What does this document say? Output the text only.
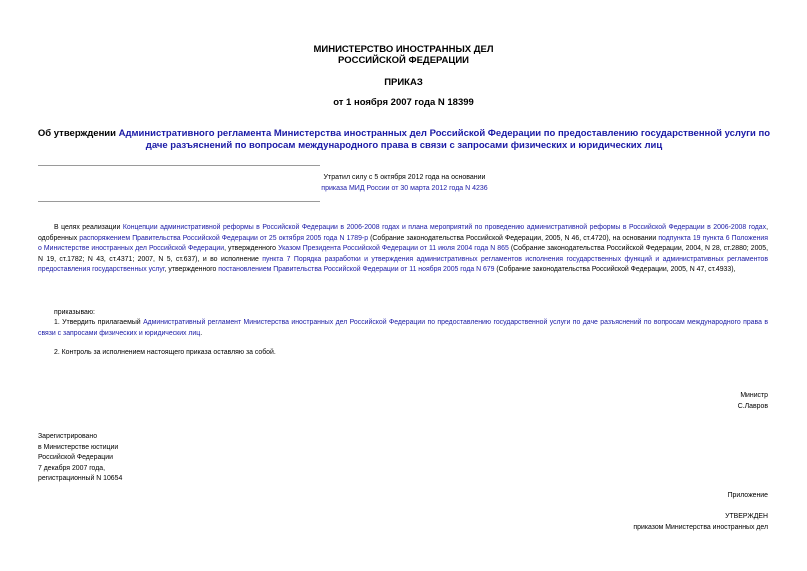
МИНИСТЕРСТВО ИНОСТРАННЫХ ДЕЛ
РОССИЙСКОЙ ФЕДЕРАЦИИ
ПРИКАЗ
от 1 ноября 2007 года N 18399
Об утверждении Административного регламента Министерства иностранных дел Российской Федерации по предоставлению государственной услуги по даче разъяснений по вопросам международного права в связи с запросами физических и юридических лиц
Утратил силу с 5 октября 2012 года на основании
приказа МИД России от 30 марта 2012 года N 4236

В целях реализации Концепции административной реформы в Российской Федерации в 2006-2008 годах и плана мероприятий по проведению административной реформы в Российской Федерации в 2006-2008 годах, одобренных распоряжением Правительства Российской Федерации от 25 октября 2005 года N 1789-р (Собрание законодательства Российской Федерации, 2005, N 46, ст.4720), на основании подпункта 19 пункта 6 Положения о Министерстве иностранных дел Российской Федерации, утвержденного Указом Президента Российской Федерации от 11 июля 2004 года N 865 (Собрание законодательства Российской Федерации, 2004, N 28, ст.2880; 2005, N 19, ст.1782; N 43, ст.4371; 2007, N 5, ст.637), и во исполнение пункта 7 Порядка разработки и утверждения административных регламентов исполнения государственных функций и административных регламентов предоставления государственных услуг, утвержденного постановлением Правительства Российской Федерации от 11 ноября 2005 года N 679 (Собрание законодательства Российской Федерации, 2005, N 47, ст.4933),

приказываю:

1. Утвердить прилагаемый Административный регламент Министерства иностранных дел Российской Федерации по предоставлению государственной услуги по даче разъяснений по вопросам международного права в связи с запросами физических и юридических лиц.

2. Контроль за исполнением настоящего приказа оставляю за собой.
Министр
С.Лавров
Зарегистрировано
в Министерстве юстиции
Российской Федерации
7 декабря 2007 года,
регистрационный N 10654
Приложение
УТВЕРЖДЕН
приказом Министерства иностранных дел
